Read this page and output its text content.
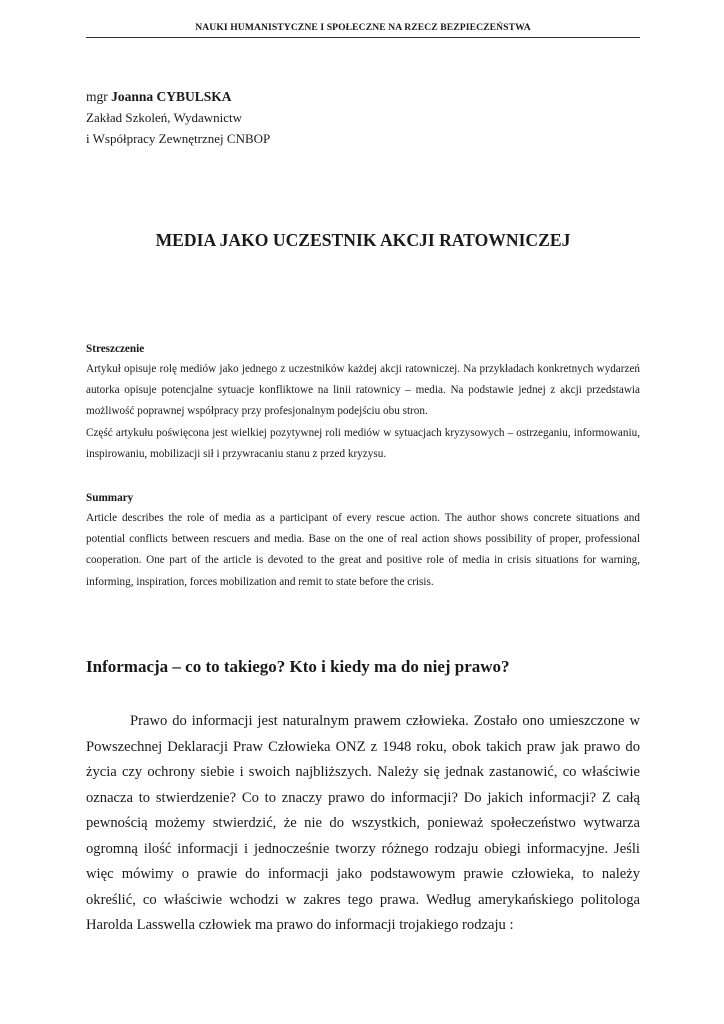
NAUKI HUMANISTYCZNE I SPOŁECZNE NA RZECZ BEZPIECZEŃSTWA
mgr Joanna CYBULSKA
Zakład Szkoleń, Wydawnictw
i Współpracy Zewnętrznej CNBOP
MEDIA JAKO UCZESTNIK AKCJI RATOWNICZEJ
Streszczenie

Artykuł opisuje rolę mediów jako jednego z uczestników każdej akcji ratowniczej. Na przykładach konkretnych wydarzeń autorka opisuje potencjalne sytuacje konfliktowe na linii ratownicy – media. Na podstawie jednej z akcji przedstawia możliwość poprawnej współpracy przy profesjonalnym podejściu obu stron.

Część artykułu poświęcona jest wielkiej pozytywnej roli mediów w sytuacjach kryzysowych – ostrzeganiu, informowaniu, inspirowaniu, mobilizacji sił i przywracaniu stanu z przed kryzysu.

Summary

Article describes the role of media as a participant of every rescue action. The author shows concrete situations and potential conflicts between rescuers and media. Base on the one of real action shows possibility of proper, professional cooperation. One part of the article is devoted to the great and positive role of media in crisis situations for warning, informing, inspiration, forces mobilization and remit to state before the crisis.

Informacja – co to takiego? Kto i kiedy ma do niej prawo?

Prawo do informacji jest naturalnym prawem człowieka. Zostało ono umieszczone w Powszechnej Deklaracji Praw Człowieka ONZ z 1948 roku, obok takich praw jak prawo do życia czy ochrony siebie i swoich najbliższych. Należy się jednak zastanowić, co właściwie oznacza to stwierdzenie? Co to znaczy prawo do informacji? Do jakich informacji? Z całą pewnością możemy stwierdzić, że nie do wszystkich, ponieważ społeczeństwo wytwarza ogromną ilość informacji i jednocześnie tworzy różnego rodzaju obiegi informacyjne. Jeśli więc mówimy o prawie do informacji jako podstawowym prawie człowieka, to należy określić, co właściwie wchodzi w zakres tego prawa. Według amerykańskiego politologa Harolda Lasswella człowiek ma prawo do informacji trojakiego rodzaju :
